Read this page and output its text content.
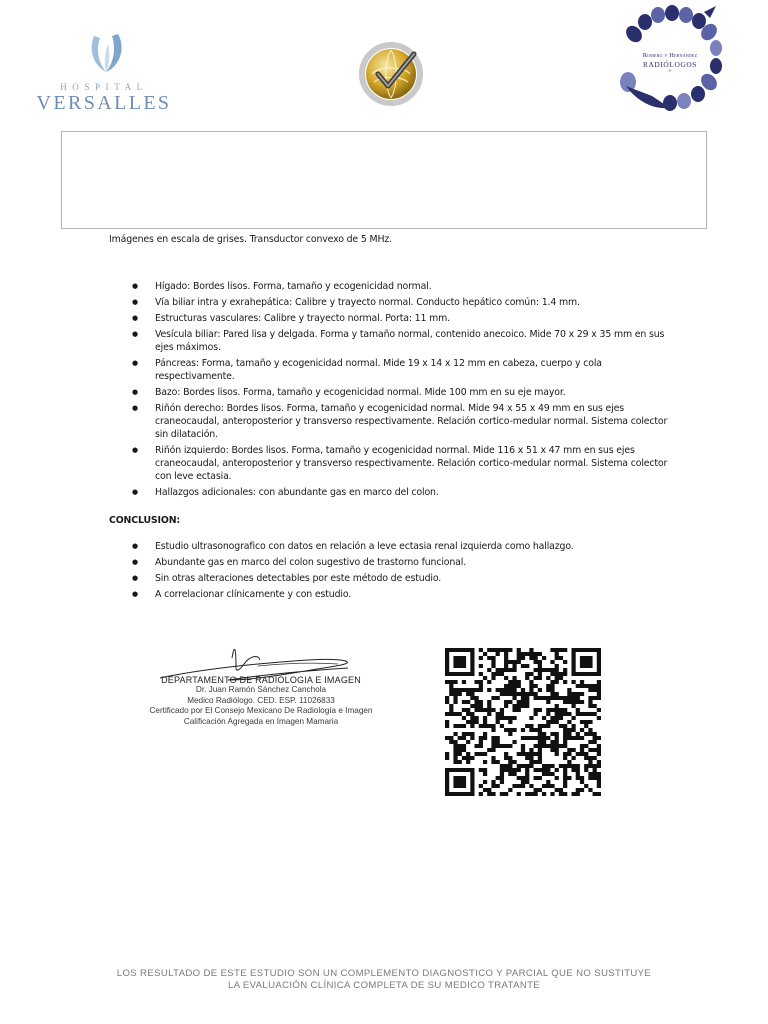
HOSPITAL
VERSALLES
Romero y Hernández
RADIÓLOGOS
®

Imágenes en escala de grises. Transductor convexo de 5 MHz.

● Hígado: Bordes lisos. Forma, tamaño y ecogenicidad normal.
● Vía biliar intra y exrahepática: Calibre y trayecto normal. Conducto hepático común: 1.4 mm.
● Estructuras vasculares: Calibre y trayecto normal. Porta: 11 mm.
● Vesícula biliar: Pared lisa y delgada. Forma y tamaño normal, contenido anecoico. Mide 70 x 29 x 35 mm en sus ejes máximos.
● Páncreas: Forma, tamaño y ecogenicidad normal. Mide 19 x 14 x 12 mm en cabeza, cuerpo y cola respectivamente.
● Bazo: Bordes lisos. Forma, tamaño y ecogenicidad normal. Mide 100 mm en su eje mayor.
● Riñón derecho: Bordes lisos. Forma, tamaño y ecogenicidad normal. Mide 94 x 55 x 49 mm en sus ejes craneocaudal, anteroposterior y transverso respectivamente. Relación cortico-medular normal. Sistema colector sin dilatación.
● Riñón izquierdo: Bordes lisos. Forma, tamaño y ecogenicidad normal. Mide 116 x 51 x 47 mm en sus ejes craneocaudal, anteroposterior y transverso respectivamente. Relación cortico-medular normal. Sistema colector con leve ectasia.
● Hallazgos adicionales: con abundante gas en marco del colon.

CONCLUSION:

● Estudio ultrasonografico con datos en relación a leve ectasia renal izquierda como hallazgo.
● Abundante gas en marco del colon sugestivo de trastorno funcional.
● Sin otras alteraciones detectables por este método de estudio.
● A correlacionar clínicamente y con estudio.
DEPARTAMENTO DE RADIOLOGIA E IMAGEN
Dr. Juan Ramón Sánchez Canchola
Medico Radiólogo. CED. ESP. 11026833
Certificado por El Consejo Mexicano De Radiología e Imagen
Calificación Agregada en Imagen Mamaria
LOS RESULTADO DE ESTE ESTUDIO SON UN COMPLEMENTO DIAGNOSTICO Y PARCIAL QUE NO SUSTITUYE
LA EVALUACIÓN CLÍNICA COMPLETA DE SU MEDICO TRATANTE
